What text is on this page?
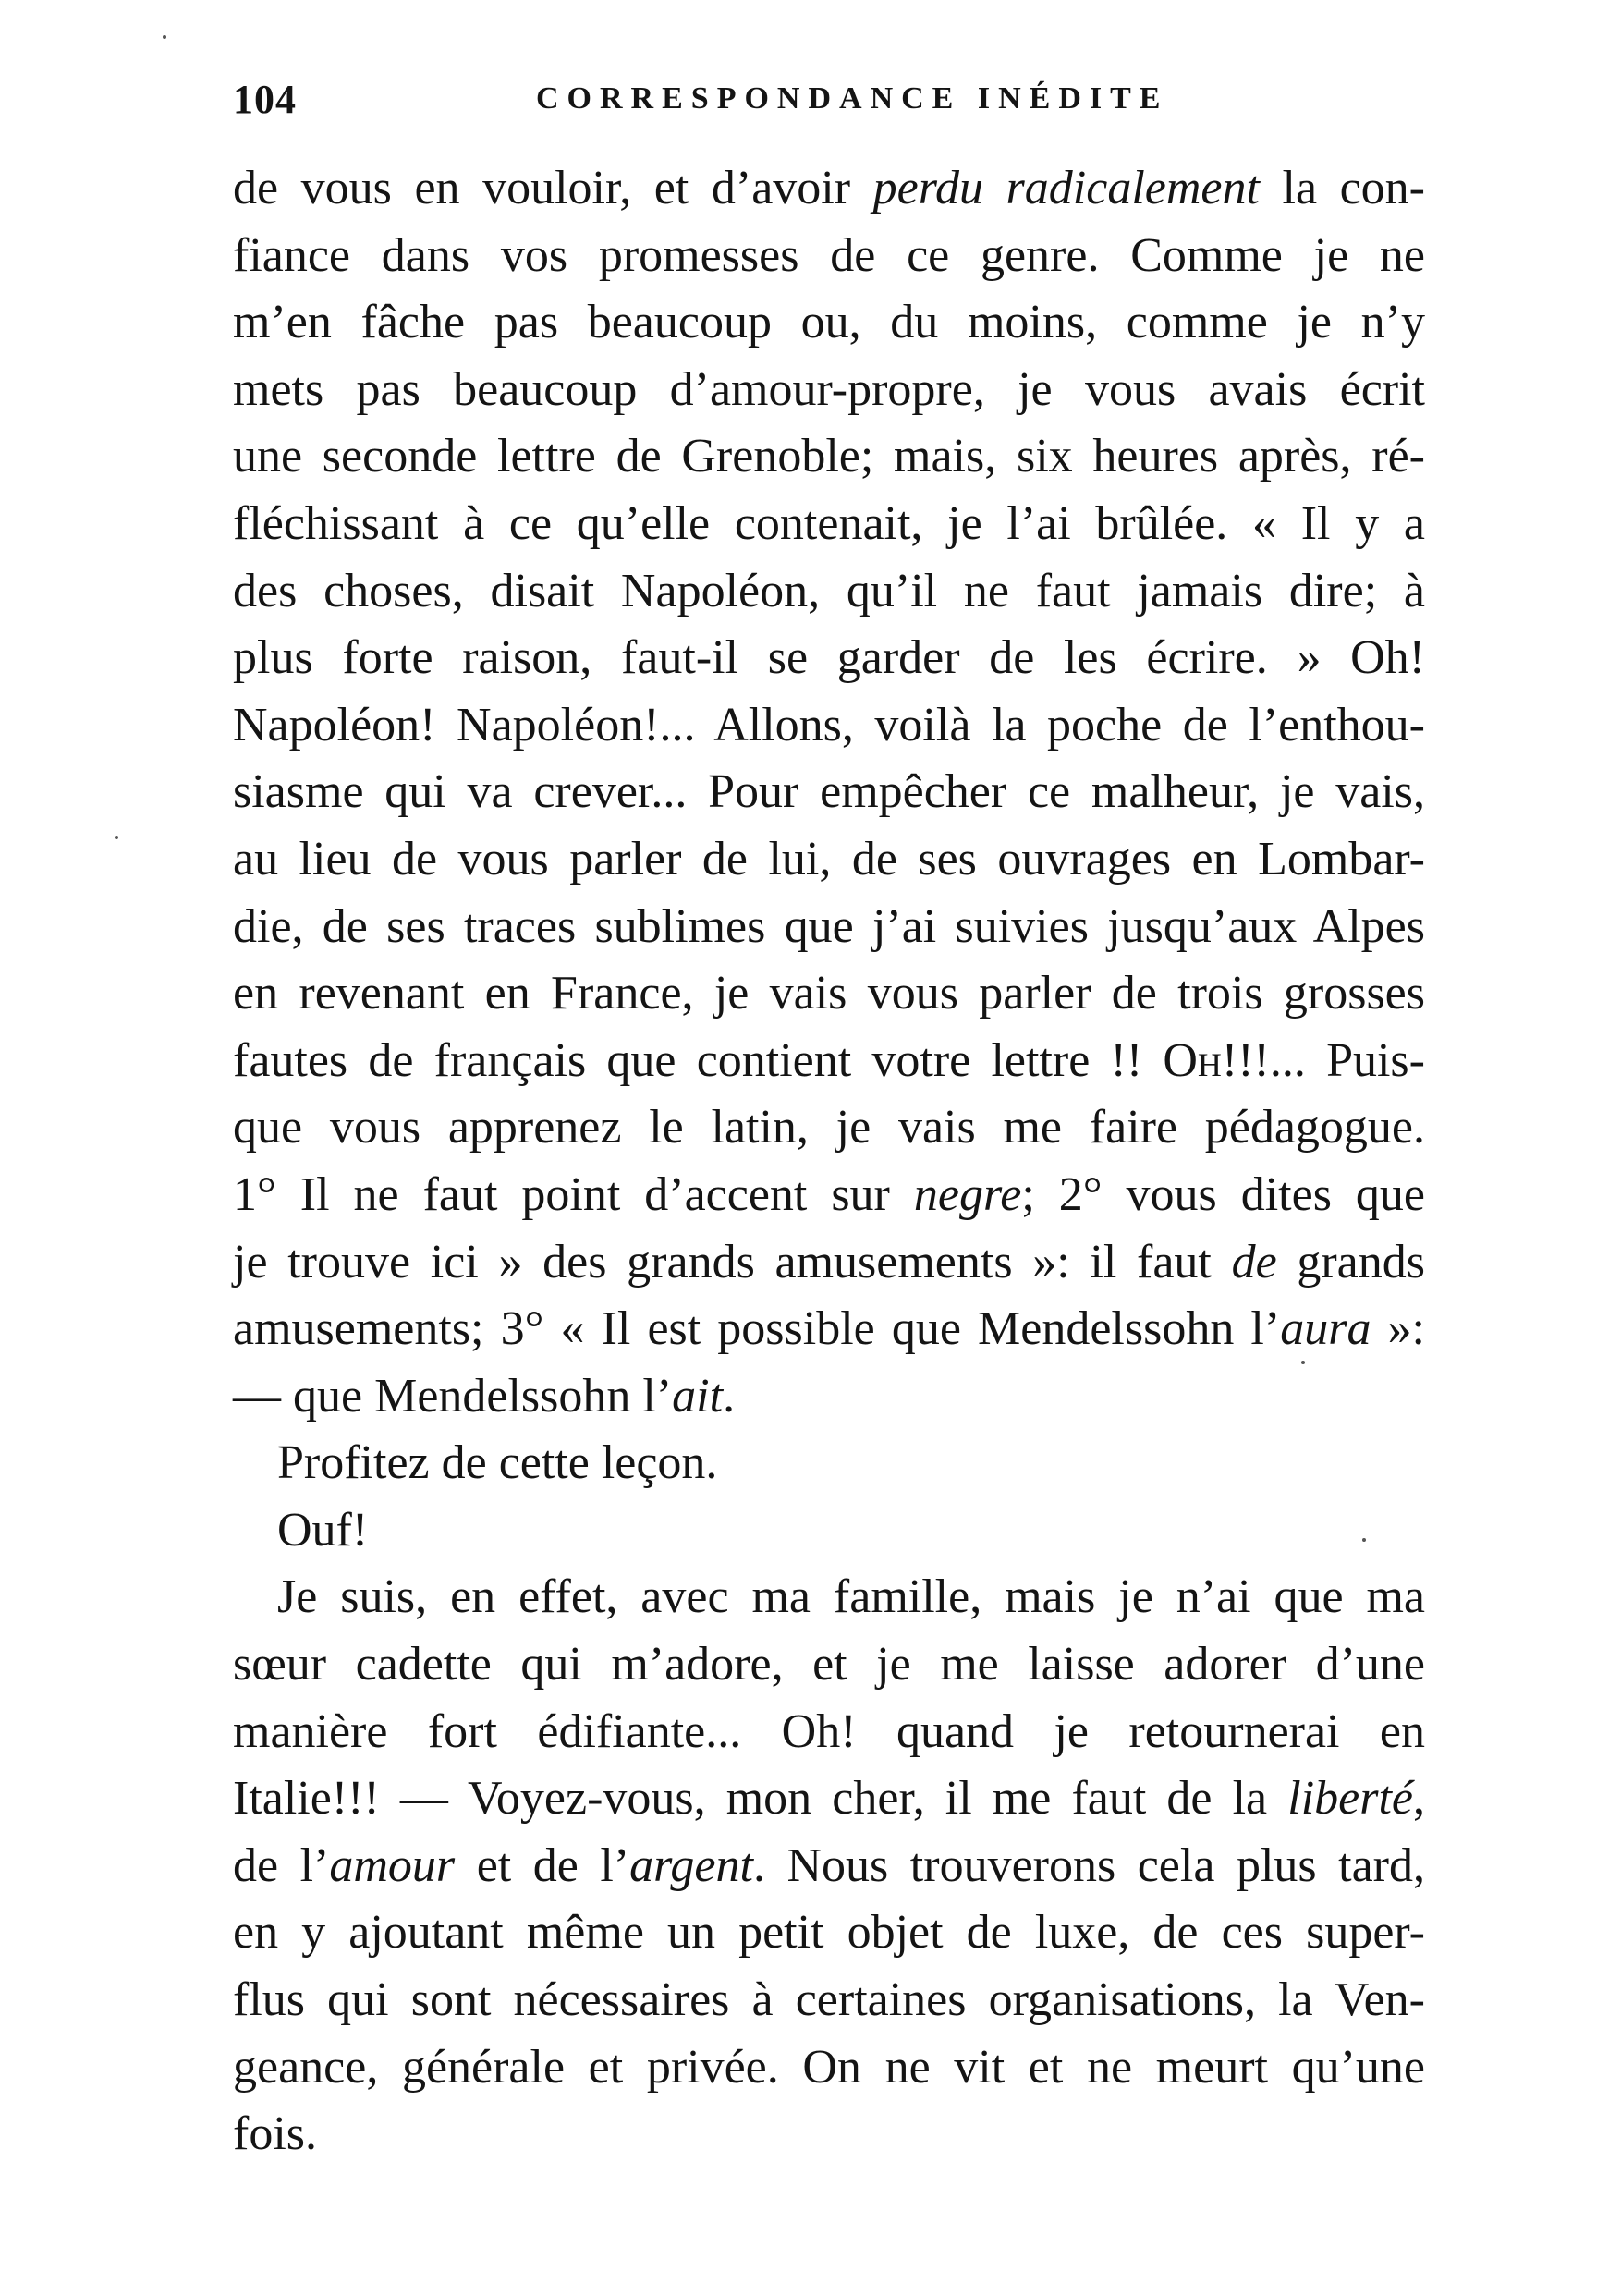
104	CORRESPONDANCE INÉDITE
de vous en vouloir, et d’avoir perdu radicalement la con-
fiance dans vos promesses de ce genre. Comme je ne
m’en fâche pas beaucoup ou, du moins, comme je n’y
mets pas beaucoup d’amour-propre, je vous avais écrit
une seconde lettre de Grenoble; mais, six heures après, ré-
fléchissant à ce qu’elle contenait, je l’ai brûlée. « Il y a
des choses, disait Napoléon, qu’il ne faut jamais dire; à
plus forte raison, faut-il se garder de les écrire. » Oh!
Napoléon! Napoléon!... Allons, voilà la poche de l’enthou-
siasme qui va crever... Pour empêcher ce malheur, je vais,
au lieu de vous parler de lui, de ses ouvrages en Lombar-
die, de ses traces sublimes que j’ai suivies jusqu’aux Alpes
en revenant en France, je vais vous parler de trois grosses
fautes de français que contient votre lettre !! Oh!!!... Puis-
que vous apprenez le latin, je vais me faire pédagogue.
1° Il ne faut point d’accent sur negre; 2° vous dites que
je trouve ici » des grands amusements »: il faut de grands
amusements; 3° « Il est possible que Mendelssohn l’aura »:
— que Mendelssohn l’ait.
Profitez de cette leçon.
Ouf!
Je suis, en effet, avec ma famille, mais je n’ai que ma
sœur cadette qui m’adore, et je me laisse adorer d’une
manière fort édifiante... Oh! quand je retournerai en
Italie!!! — Voyez-vous, mon cher, il me faut de la liberté,
de l’amour et de l’argent. Nous trouverons cela plus tard,
en y ajoutant même un petit objet de luxe, de ces super-
flus qui sont nécessaires à certaines organisations, la Ven-
geance, générale et privée. On ne vit et ne meurt qu’une
fois.
